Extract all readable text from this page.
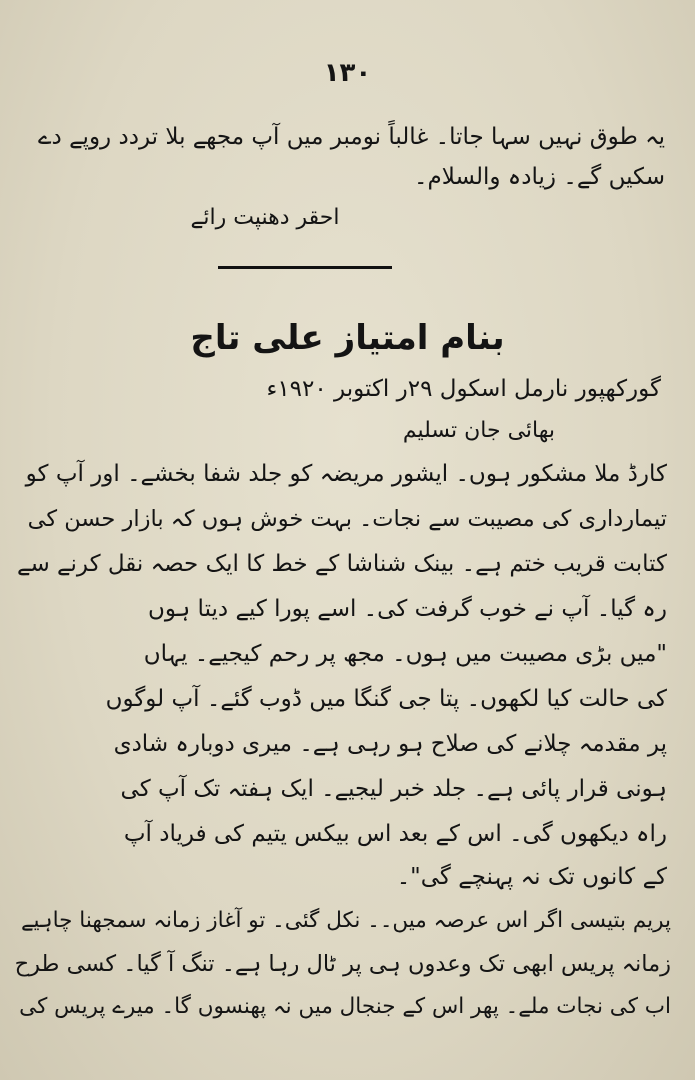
۱۳۰
یہ طوق نہیں سہا جاتا۔ غالباً نومبر میں آپ مجھے بلا تردد روپے دے
سکیں گے۔ زیادہ والسلام۔
احقر دھنپت رائے
بنام امتیاز علی تاج
گورکھپور نارمل اسکول ۲۹ر اکتوبر ۱۹۲۰ء
بھائی جان تسلیم
کارڈ ملا مشکور ہوں۔ ایشور مریضہ کو جلد شفا بخشے۔ اور آپ کو
تیمارداری کی مصیبت سے نجات۔ بہت خوش ہوں کہ بازار حسن کی
کتابت قریب ختم ہے۔ بینک شناشا کے خط کا ایک حصہ نقل کرنے سے
رہ گیا۔ آپ نے خوب گرفت کی۔ اسے پورا کیے دیتا ہوں
"میں بڑی مصیبت میں ہوں۔ مجھ پر رحم کیجیے۔ یہاں
کی حالت کیا لکھوں۔ پتا جی گنگا میں ڈوب گئے۔ آپ لوگوں
پر مقدمہ چلانے کی صلاح ہو رہی ہے۔ میری دوبارہ شادی
ہونی قرار پائی ہے۔ جلد خبر لیجیے۔ ایک ہفتہ تک آپ کی
راہ دیکھوں گی۔ اس کے بعد اس بیکس یتیم کی فریاد آپ
کے کانوں تک نہ پہنچے گی"۔
پریم بتیسی اگر اس عرصہ میں۔۔ نکل گئی۔ تو آغاز زمانہ سمجھنا چاہیے
زمانہ پریس ابھی تک وعدوں ہی پر ٹال رہا ہے۔ تنگ آ گیا۔ کسی طرح
اب کی نجات ملے۔ پھر اس کے جنجال میں نہ پھنسوں گا۔ میرے پریس کی
